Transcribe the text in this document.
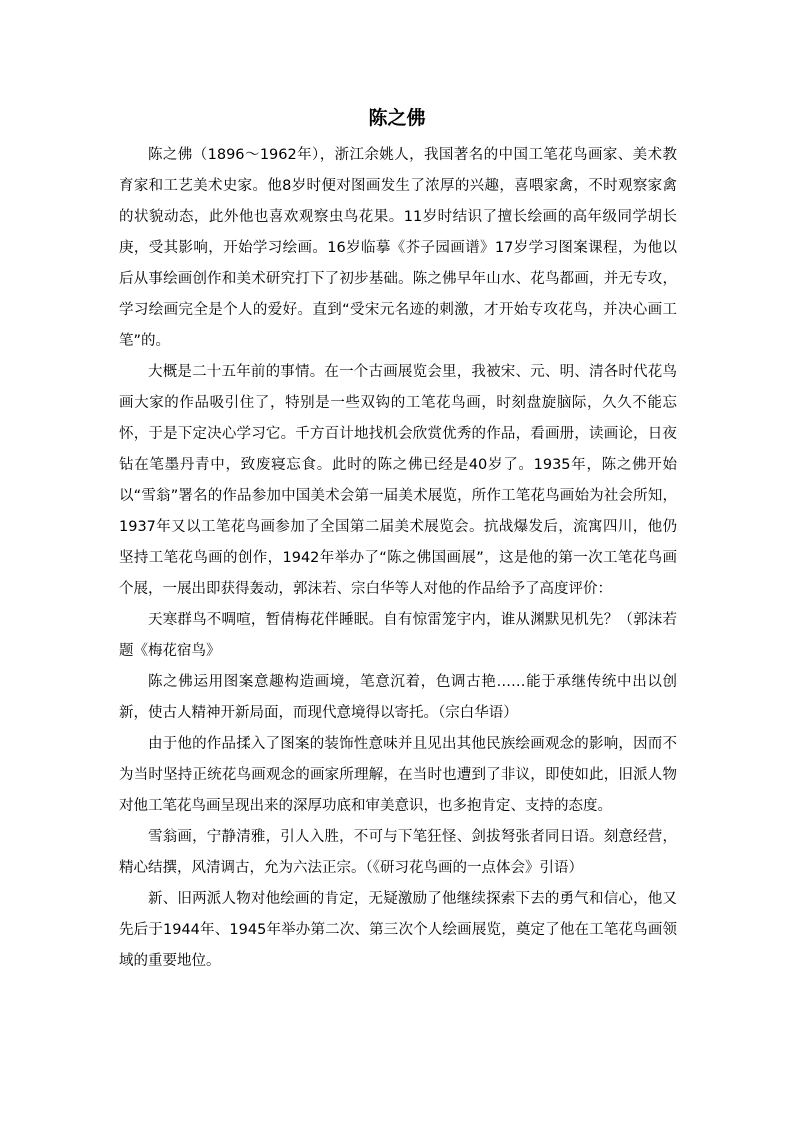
陈之佛

陈之佛（1896～1962年），浙江余姚人，我国著名的中国工笔花鸟画家、美术教育家和工艺美术史家。他8岁时便对图画发生了浓厚的兴趣，喜喂家禽，不时观察家禽的状貌动态，此外他也喜欢观察虫鸟花果。11岁时结识了擅长绘画的高年级同学胡长庚，受其影响，开始学习绘画。16岁临摹《芥子园画谱》17岁学习图案课程，为他以后从事绘画创作和美术研究打下了初步基础。陈之佛早年山水、花鸟都画，并无专攻，学习绘画完全是个人的爱好。直到“受宋元名迹的刺激，才开始专攻花鸟，并决心画工笔”的。

大概是二十五年前的事情。在一个古画展览会里，我被宋、元、明、清各时代花鸟画大家的作品吸引住了，特别是一些双钩的工笔花鸟画，时刻盘旋脑际，久久不能忘怀，于是下定决心学习它。千方百计地找机会欣赏优秀的作品，看画册，读画论，日夜钻在笔墨丹青中，致废寝忘食。此时的陈之佛已经是40岁了。1935年，陈之佛开始以“雪翁”署名的作品参加中国美术会第一届美术展览，所作工笔花鸟画始为社会所知，1937年又以工笔花鸟画参加了全国第二届美术展览会。抗战爆发后，流寓四川，他仍坚持工笔花鸟画的创作，1942年举办了“陈之佛国画展”，这是他的第一次工笔花鸟画个展，一展出即获得轰动，郭沫若、宗白华等人对他的作品给予了高度评价：

天寒群鸟不啁喧，暂倩梅花伴睡眠。自有惊雷笼宇内，谁从渊默见机先？（郭沫若题《梅花宿鸟》

陈之佛运用图案意趣构造画境，笔意沉着，色调古艳……能于承继传统中出以创新，使古人精神开新局面，而现代意境得以寄托。（宗白华语）

由于他的作品揉入了图案的装饰性意味并且见出其他民族绘画观念的影响，因而不为当时坚持正统花鸟画观念的画家所理解，在当时也遭到了非议，即使如此，旧派人物对他工笔花鸟画呈现出来的深厚功底和审美意识，也多抱肯定、支持的态度。

雪翁画，宁静清雅，引人入胜，不可与下笔狂怪、剑拔弩张者同日语。刻意经营，精心结撰，风清调古，允为六法正宗。（《研习花鸟画的一点体会》引语）

新、旧两派人物对他绘画的肯定，无疑激励了他继续探索下去的勇气和信心，他又先后于1944年、1945年举办第二次、第三次个人绘画展览，奠定了他在工笔花鸟画领域的重要地位。
